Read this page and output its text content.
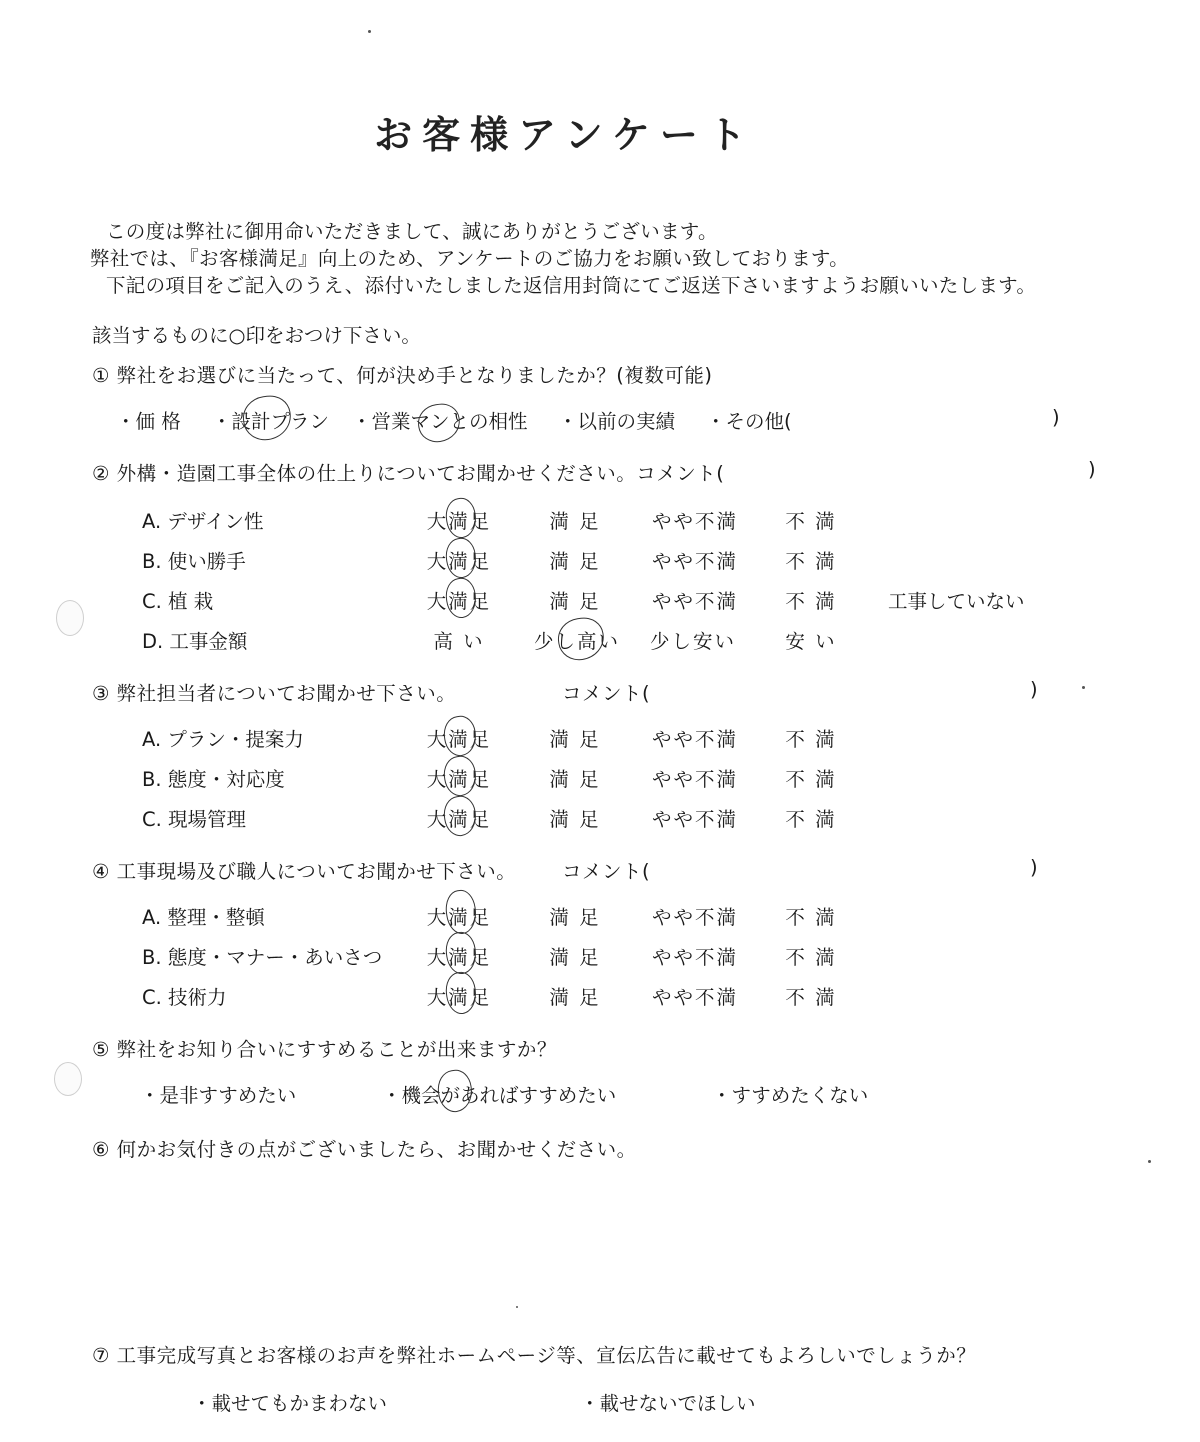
お客様アンケート
この度は弊社に御用命いただきまして、誠にありがとうございます。
弊社では、『お客様満足』向上のため、アンケートのご協力をお願い致しております。
下記の項目をご記入のうえ、添付いたしました返信用封筒にてご返送下さいますようお願いいたします。
該当するものに○印をおつけ下さい。
① 弊社をお選びに当たって、何が決め手となりましたか？(複数可能)
・価 格 ・設計プラン ・営業マンとの相性 ・以前の実績 ・その他(	)
② 外構・造園工事全体の仕上りについてお聞かせください。コメント(	)
A. デザイン性	大満足	満 足	やや不満	不 満
B. 使い勝手	大満足	満 足	やや不満	不 満
C. 植 栽	大満足	満 足	やや不満	不 満	工事していない
D. 工事金額	高 い	少し高い	少し安い	安 い
③ 弊社担当者についてお聞かせ下さい。	コメント(	)
A. プラン・提案力	大満足	満 足	やや不満	不 満
B. 態度・対応度	大満足	満 足	やや不満	不 満
C. 現場管理	大満足	満 足	やや不満	不 満
④ 工事現場及び職人についてお聞かせ下さい。 コメント(	)
A. 整理・整頓	大満足	満 足	やや不満	不 満
B. 態度・マナー・あいさつ	大満足	満 足	やや不満	不 満
C. 技術力	大満足	満 足	やや不満	不 満
⑤ 弊社をお知り合いにすすめることが出来ますか？
・是非すすめたい	・機会があればすすめたい	・すすめたくない
⑥ 何かお気付きの点がございましたら、お聞かせください。
⑦ 工事完成写真とお客様のお声を弊社ホームページ等、宣伝広告に載せてもよろしいでしょうか？
・載せてもかまわない	・載せないでほしい
